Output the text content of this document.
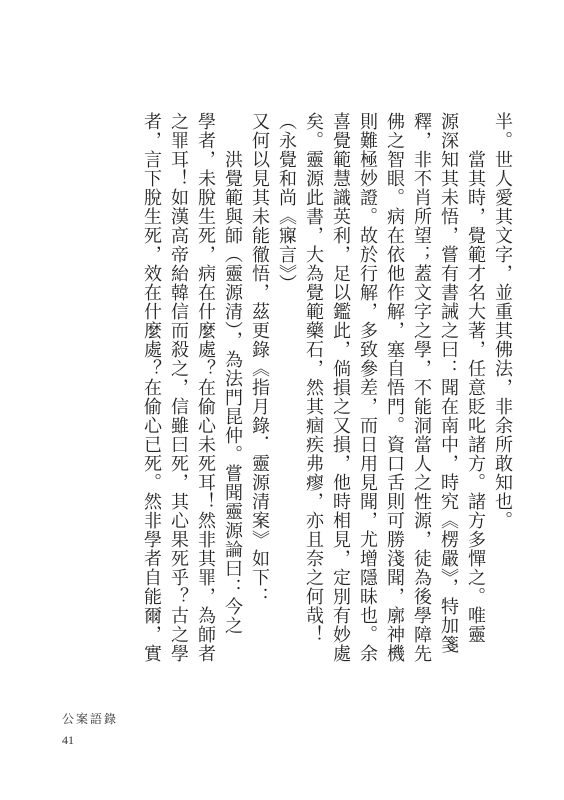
半。世人愛其文字，並重其佛法，非余所敢知也。
　　當其時，覺範才名大著，任意貶叱諸方。諸方多憚之。唯靈
源深知其未悟，嘗有書誡之曰：聞在南中，時究《楞嚴》，特加箋
釋，非不肖所望；蓋文字之學，不能洞當人之性源，徒為後學障先
佛之智眼。病在依他作解，塞自悟門。資口舌則可勝淺聞，廓神機
則難極妙證。故於行解，多致參差，而日用見聞，尤增隱昧也。余
喜覺範慧識英利，足以鑑此，倘損之又損，他時相見，定別有妙處
矣。靈源此書，大為覺範藥石，然其痼疾弗瘳，亦且奈之何哉！
（永覺和尚《寱言》）
又何以見其未能徹悟，茲更錄《指月錄．靈源清案》如下：
　　洪覺範與師（靈源清），為法門昆仲。嘗聞靈源論曰：今之
學者，未脫生死，病在什麼處？在偷心未死耳！然非其罪，為師者
之罪耳！如漢高帝紿韓信而殺之，信雖曰死，其心果死乎？古之學
者，言下脫生死，效在什麼處？在偷心已死。然非學者自能爾，實
公案語錄
41
